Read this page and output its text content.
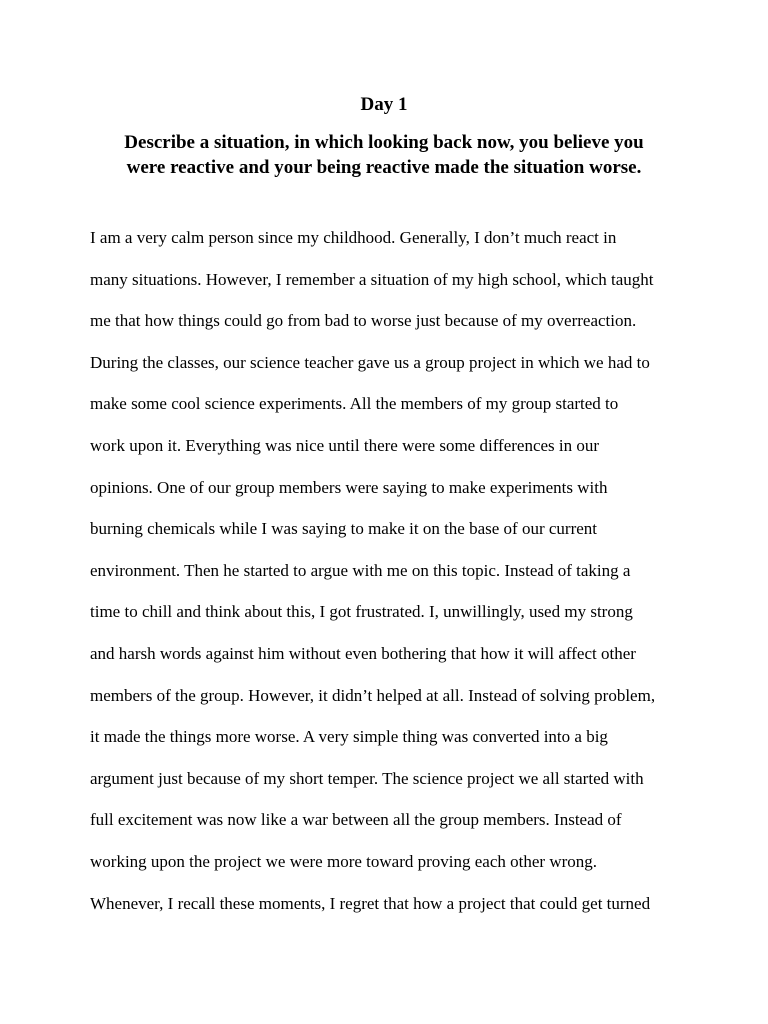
Day 1
Describe a situation, in which looking back now, you believe you
were reactive and your being reactive made the situation worse.
I am a very calm person since my childhood. Generally, I don’t much react in
many situations. However, I remember a situation of my high school, which taught
me that how things could go from bad to worse just because of my overreaction.
During the classes, our science teacher gave us a group project in which we had to
make some cool science experiments. All the members of my group started to
work upon it. Everything was nice until there were some differences in our
opinions. One of our group members were saying to make experiments with
burning chemicals while I was saying to make it on the base of our current
environment. Then he started to argue with me on this topic. Instead of taking a
time to chill and think about this, I got frustrated. I, unwillingly, used my strong
and harsh words against him without even bothering that how it will affect other
members of the group. However, it didn’t helped at all. Instead of solving problem,
it made the things more worse. A very simple thing was converted into a big
argument just because of my short temper. The science project we all started with
full excitement was now like a war between all the group members. Instead of
working upon the project we were more toward proving each other wrong.
Whenever, I recall these moments, I regret that how a project that could get turned
